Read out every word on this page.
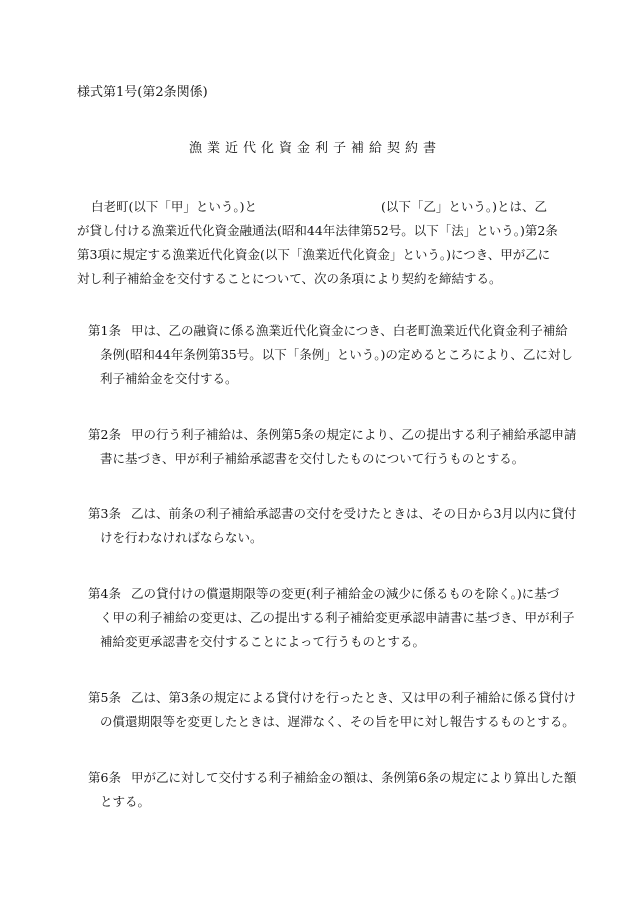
様式第1号(第2条関係)
漁業近代化資金利子補給契約書
白老町(以下「甲」という。)と	(以下「乙」という。)とは、乙
が貸し付ける漁業近代化資金融通法(昭和44年法律第52号。以下「法」という。)第2条
第3項に規定する漁業近代化資金(以下「漁業近代化資金」という。)につき、甲が乙に
対し利子補給金を交付することについて、次の条項により契約を締結する。
第1条 甲は、乙の融資に係る漁業近代化資金につき、白老町漁業近代化資金利子補給
条例(昭和44年条例第35号。以下「条例」という。)の定めるところにより、乙に対し
利子補給金を交付する。
第2条 甲の行う利子補給は、条例第5条の規定により、乙の提出する利子補給承認申請
書に基づき、甲が利子補給承認書を交付したものについて行うものとする。
第3条 乙は、前条の利子補給承認書の交付を受けたときは、その日から3月以内に貸付
けを行わなければならない。
第4条 乙の貸付けの償還期限等の変更(利子補給金の減少に係るものを除く。)に基づ
く甲の利子補給の変更は、乙の提出する利子補給変更承認申請書に基づき、甲が利子
補給変更承認書を交付することによって行うものとする。
第5条 乙は、第3条の規定による貸付けを行ったとき、又は甲の利子補給に係る貸付け
の償還期限等を変更したときは、遅滞なく、その旨を甲に対し報告するものとする。
第6条 甲が乙に対して交付する利子補給金の額は、条例第6条の規定により算出した額
とする。
